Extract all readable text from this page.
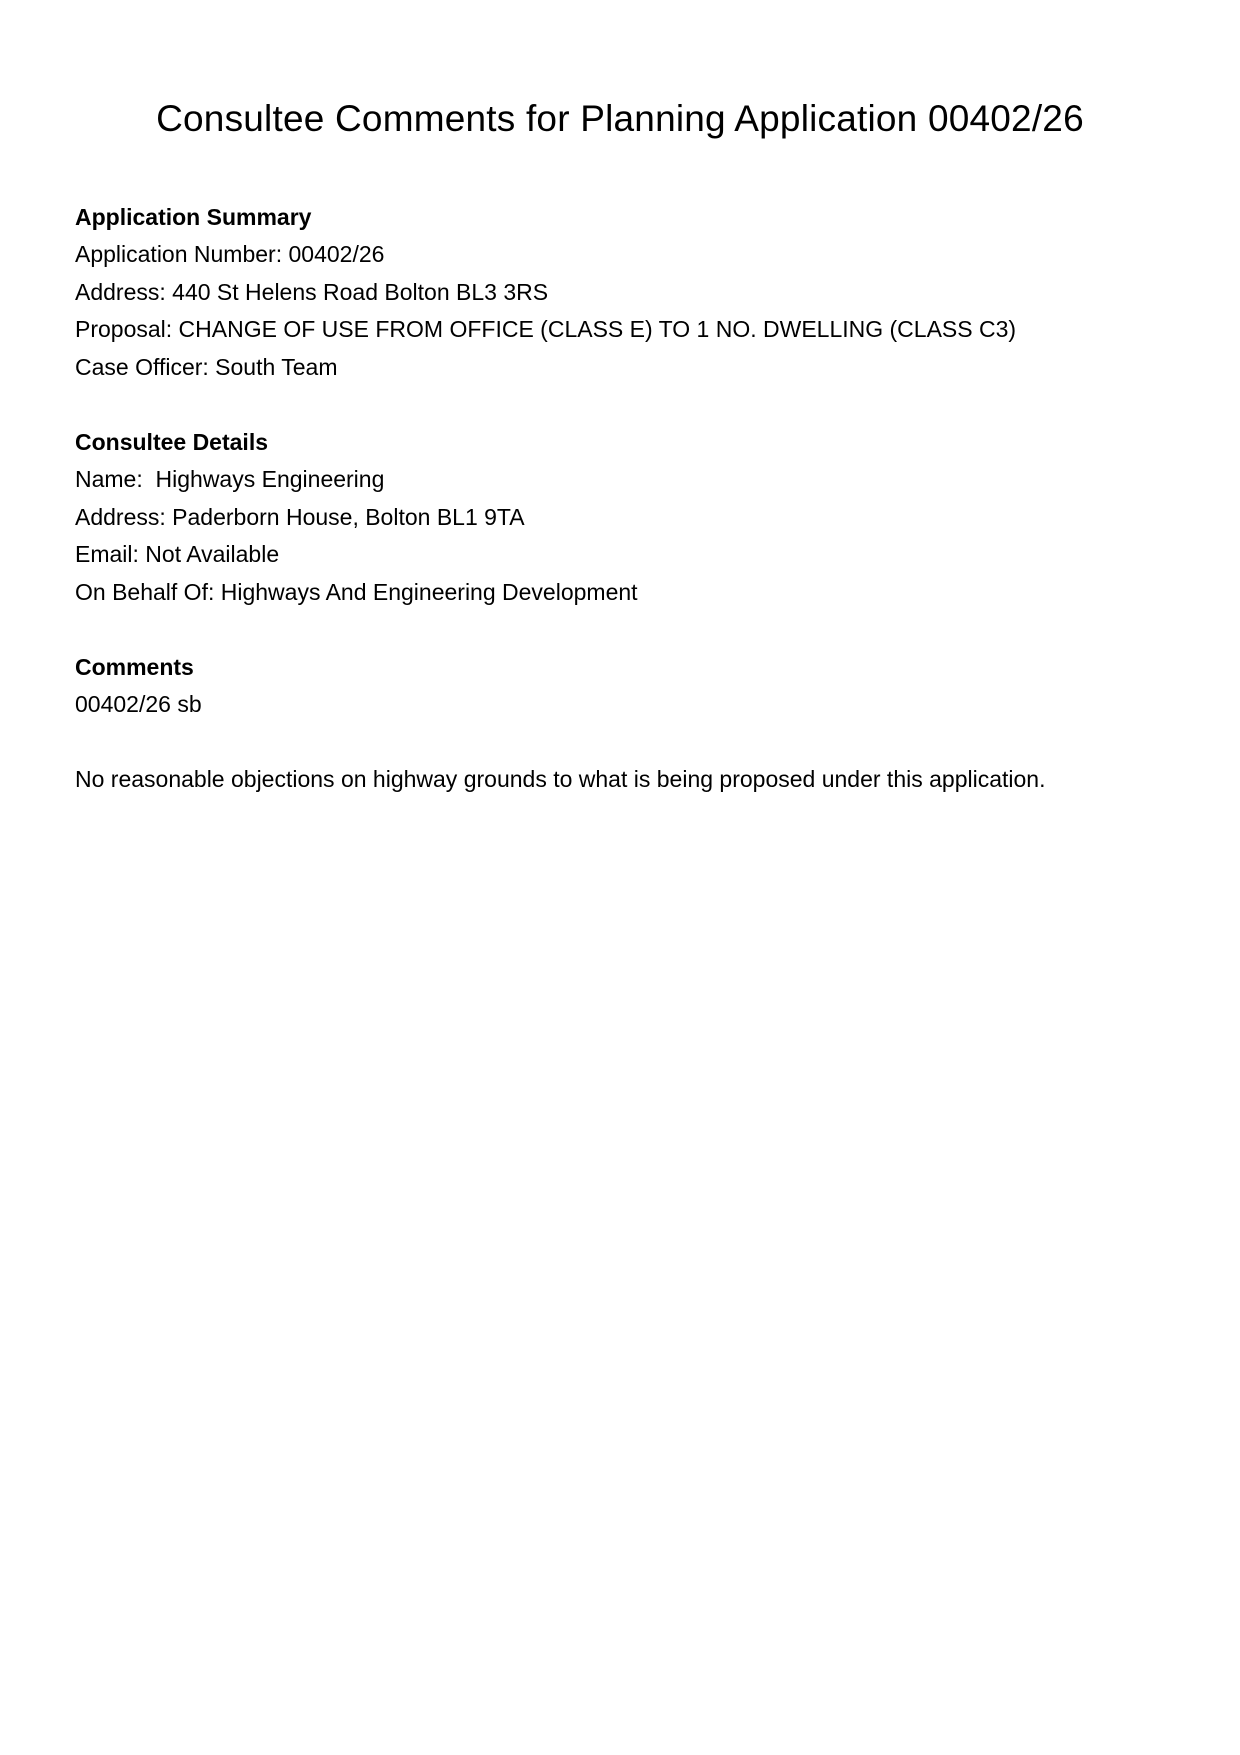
Consultee Comments for Planning Application 00402/26

Application Summary

Application Number: 00402/26

Address: 440 St Helens Road Bolton BL3 3RS

Proposal: CHANGE OF USE FROM OFFICE (CLASS E) TO 1 NO. DWELLING (CLASS C3)

Case Officer: South Team

Consultee Details

Name:  Highways Engineering

Address: Paderborn House, Bolton BL1 9TA

Email: Not Available

On Behalf Of: Highways And Engineering Development

Comments

00402/26 sb

No reasonable objections on highway grounds to what is being proposed under this application.
